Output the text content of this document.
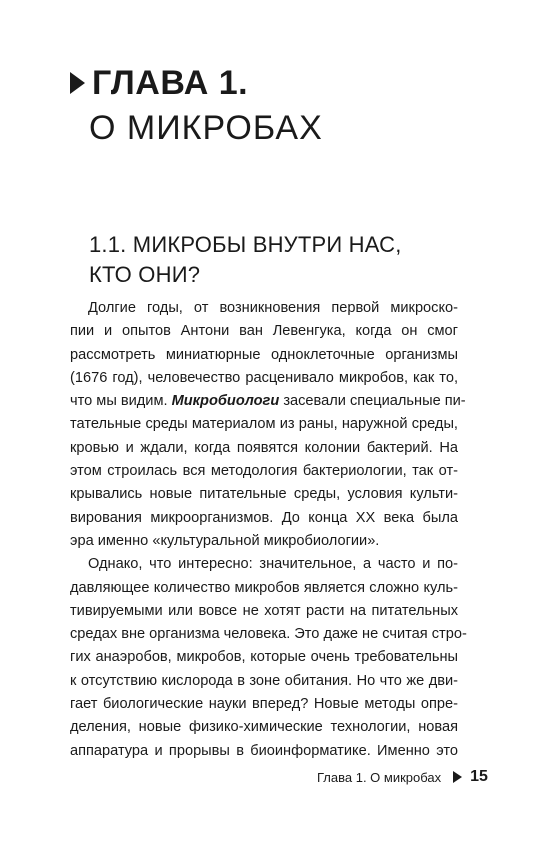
ГЛАВА 1.
О МИКРОБАХ
1.1. МИКРОБЫ ВНУТРИ НАС,
КТО ОНИ?
Долгие годы, от возникновения первой микроско-
пии и опытов Антони ван Левенгука, когда он смог
рассмотреть миниатюрные одноклеточные организмы
(1676 год), человечество расценивало микробов, как то,
что мы видим. Микробиологи засевали специальные пи-
тательные среды материалом из раны, наружной среды,
кровью и ждали, когда появятся колонии бактерий. На
этом строилась вся методология бактериологии, так от-
крывались новые питательные среды, условия культи-
вирования микроорганизмов. До конца XX века была
эра именно «культуральной микробиологии».
Однако, что интересно: значительное, а часто и по-
давляющее количество микробов является сложно куль-
тивируемыми или вовсе не хотят расти на питательных
средах вне организма человека. Это даже не считая стро-
гих анаэробов, микробов, которые очень требовательны
к отсутствию кислорода в зоне обитания. Но что же дви-
гает биологические науки вперед? Новые методы опре-
деления, новые физико-химические технологии, новая
аппаратура и прорывы в биоинформатике. Именно это
Глава 1. О микробах 15
